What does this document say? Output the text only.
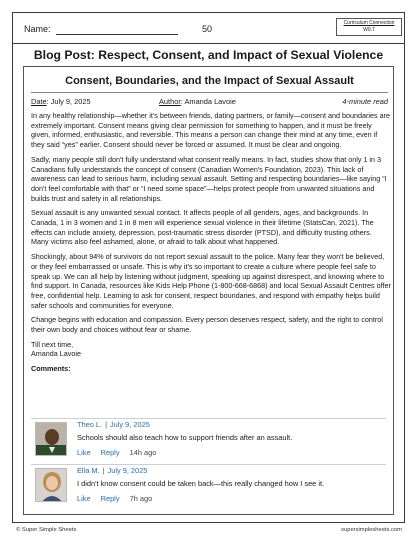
Name:	50
Curriculum Connection
W9.7
Blog Post: Respect, Consent, and Impact of Sexual Violence
Consent, Boundaries, and the Impact of Sexual Assault
Date: July 9, 2025	Author: Amanda Lavoie	4-minute read

In any healthy relationship—whether it's between friends, dating partners, or family—consent and boundaries are extremely important. Consent means giving clear permission for something to happen, and it must be freely given, informed, enthusiastic, and reversible. This means a person can change their mind at any time, even if they said “yes” earlier. Consent should never be forced or assumed. It must be clear and ongoing.

Sadly, many people still don't fully understand what consent really means. In fact, studies show that only 1 in 3 Canadians fully understands the concept of consent (Canadian Women's Foundation, 2023). This lack of awareness can lead to serious harm, including sexual assault. Setting and respecting boundaries—like saying “I don't feel comfortable with that” or “I need some space”—helps protect people from unwanted situations and builds trust and safety in all relationships.

Sexual assault is any unwanted sexual contact. It affects people of all genders, ages, and backgrounds. In Canada, 1 in 3 women and 1 in 8 men will experience sexual violence in their lifetime (StatsCan, 2021). The effects can include anxiety, depression, post-traumatic stress disorder (PTSD), and difficulty trusting others. Many victims also feel ashamed, alone, or afraid to talk about what happened.

Shockingly, about 94% of survivors do not report sexual assault to the police. Many fear they won't be believed, or they feel embarrassed or unsafe. This is why it's so important to create a culture where people feel safe to speak up. We can all help by listening without judgment, speaking up against disrespect, and knowing where to find support. In Canada, resources like Kids Help Phone (1-800-668-6868) and local Sexual Assault Centres offer free, confidential help. Learning to ask for consent, respect boundaries, and respond with empathy helps build safer schools and communities for everyone.

Change begins with education and compassion. Every person deserves respect, safety, and the right to control their own body and choices without fear or shame.

Till next time,
Amanda Lavoie
Comments:
Theo L. | July 9, 2025
Schools should also teach how to support friends after an assault.
Like Reply 14h ago
Ella M. | July 9, 2025
I didn't know consent could be taken back—this really changed how I see it.
Like Reply 7h ago
© Super Simple Sheets	supersimplesheets.com
